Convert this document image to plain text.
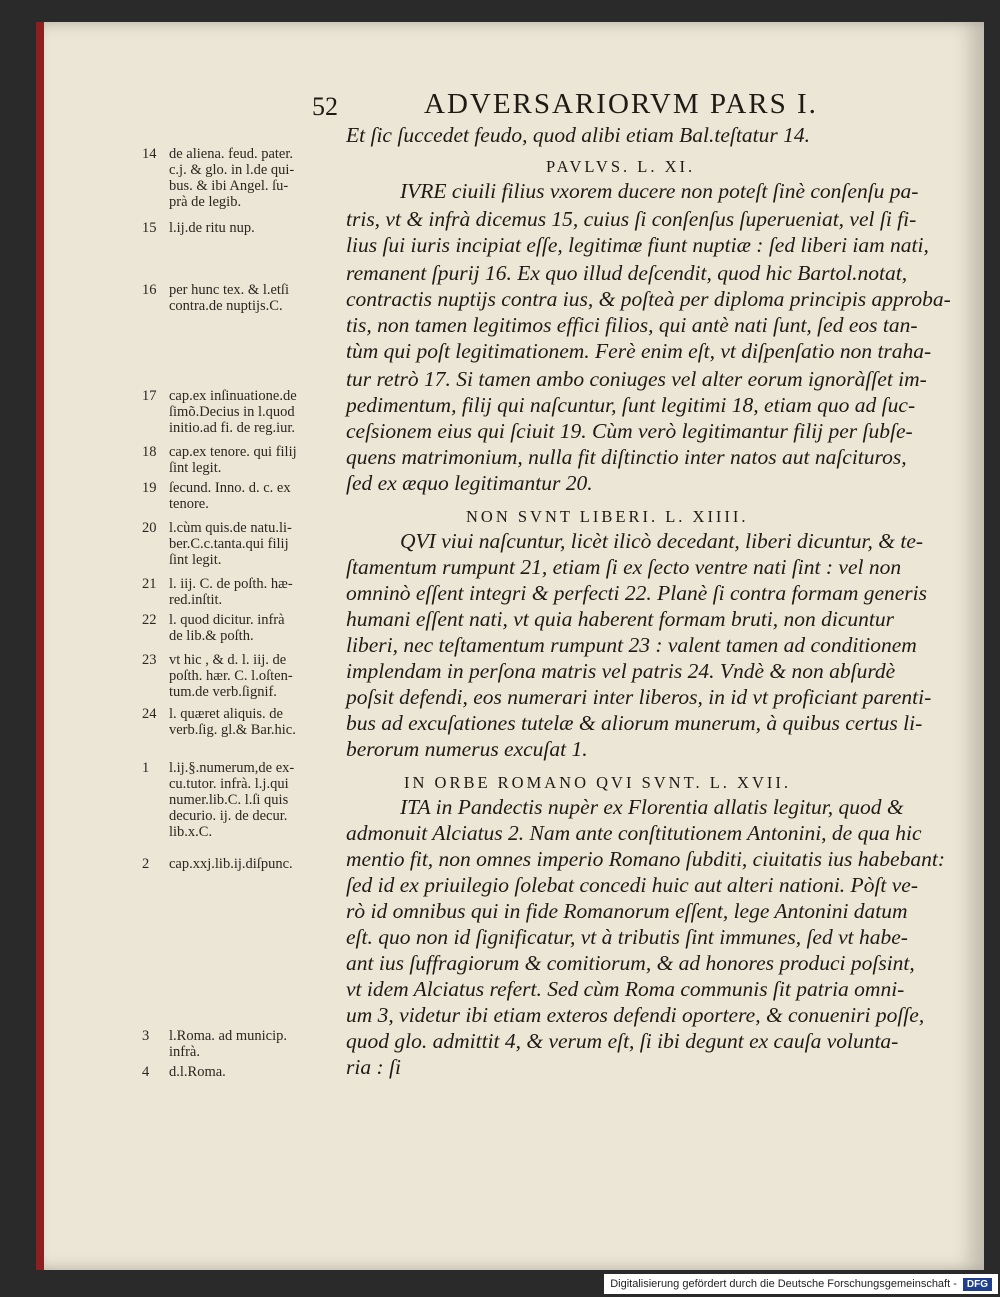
52	ADVERSARIORVM PARS I.
14 de aliena. feud. pater.
c.j. & glo. in l.de qui-
bus. & ibi Angel. ſu-
prà de legib.
15 l.ij.de ritu nup.
16 per hunc tex. & l.etſi
contra.de nuptijs.C.
17 cap.ex inſinuatione.de
ſimõ.Decius in l.quod
initio.ad fi. de reg.iur.
18 cap.ex tenore. qui filij
ſint legit.
19 ſecund. Inno. d. c. ex
tenore.
20 l.cùm quis.de natu.li-
ber.C.c.tanta.qui filij
ſint legit.
21 l. iij. C. de poſth. hæ-
red.inſtit.
22 l. quod dicitur. infrà
de lib.& poſth.
23 vt hic , & d. l. iij. de
poſth. hær. C. l.oſten-
tum.de verb.ſignif.
24 l. quæret aliquis. de
verb.ſig. gl.& Bar.hic.
1	l.ij.§.numerum,de ex-
cu.tutor. infrà. l.j.qui
numer.lib.C. l.ſi quis
decurio. ij. de decur.
lib.x.C.
2	cap.xxj.lib.ij.diſpunc.
3	l.Roma. ad municip.
infrà.
4	d.l.Roma.
Et ſic ſuccedet feudo, quod alibi etiam Bal.teſtatur 14.
PAVLVS. L. XI.
IVRE ciuili filius vxorem ducere non poteſt ſinè conſenſu pa-
tris, vt & infrà dicemus 15, cuius ſi conſenſus ſuperueniat, vel ſi fi-
lius ſui iuris incipiat eſſe, legitimæ fiunt nuptiæ : ſed liberi iam nati,
remanent ſpurij 16. Ex quo illud deſcendit, quod hic Bartol.notat,
contractis nuptijs contra ius, & poſteà per diploma principis approba-
tis, non tamen legitimos effici filios, qui antè nati ſunt, ſed eos tan-
tùm qui poſt legitimationem. Ferè enim eſt, vt diſpenſatio non traha-
tur retrò 17. Si tamen ambo coniuges vel alter eorum ignoràſſet im-
pedimentum, filij qui naſcuntur, ſunt legitimi 18, etiam quo ad ſuc-
ceſsionem eius qui ſciuit 19. Cùm verò legitimantur filij per ſubſe-
quens matrimonium, nulla fit diſtinctio inter natos aut naſcituros,
ſed ex æquo legitimantur 20.
NON SVNT LIBERI. L. XIIII.
QVI viui naſcuntur, licèt ilicò decedant, liberi dicuntur, & te-
ſtamentum rumpunt 21, etiam ſi ex ſecto ventre nati ſint : vel non
omninò eſſent integri & perfecti 22. Planè ſi contra formam generis
humani eſſent nati, vt quia haberent formam bruti, non dicuntur
liberi, nec teſtamentum rumpunt 23 : valent tamen ad conditionem
implendam in perſona matris vel patris 24. Vndè & non abſurdè
poſsit defendi, eos numerari inter liberos, in id vt proficiant parenti-
bus ad excuſationes tutelæ & aliorum munerum, à quibus certus li-
berorum numerus excuſat 1.
IN ORBE ROMANO QVI SVNT. L. XVII.
ITA in Pandectis nupèr ex Florentia allatis legitur, quod &
admonuit Alciatus 2. Nam ante conſtitutionem Antonini, de qua hic
mentio fit, non omnes imperio Romano ſubditi, ciuitatis ius habebant:
ſed id ex priuilegio ſolebat concedi huic aut alteri nationi. Pòſt ve-
rò id omnibus qui in fide Romanorum eſſent, lege Antonini datum
eſt. quo non id ſignificatur, vt à tributis ſint immunes, ſed vt habe-
ant ius ſuffragiorum & comitiorum, & ad honores produci poſsint,
vt idem Alciatus refert. Sed cùm Roma communis ſit patria omni-
um 3, videtur ibi etiam exteros defendi oportere, & conueniri poſſe,
quod glo. admittit 4, & verum eſt, ſi ibi degunt ex cauſa volunta-
ria : ſi
Digitalisierung gefördert durch die Deutsche Forschungsgemeinschaft -	DFG
